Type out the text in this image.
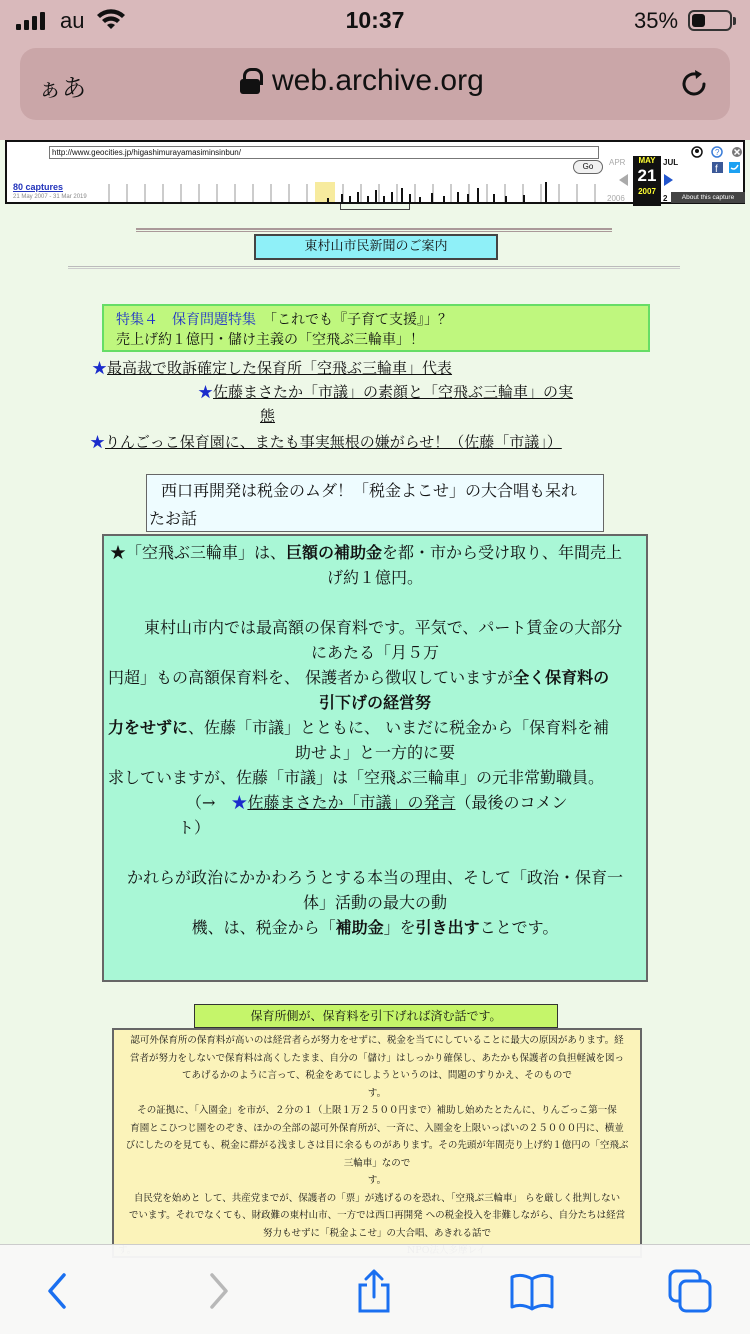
au	10:37	35%
ぁあ	web.archive.org
http://www.geocities.jp/higashimurayamasiminsinbun/
Go
80 captures
21 May 2007 - 31 Mar 2019
APR	MAY
21
2007
JUL
2006	2
?
f
About this capture
東村山市民新聞のご案内
特集４　保育問題特集　 「これでも『子育て支援』」？
売上げ約１億円・儲け主義の「空飛ぶ三輪車」！
★最高裁で敗訴確定した保育所「空飛ぶ三輪車」代表
★佐藤まさたか「市議」の素顔と「空飛ぶ三輪車」の実
態
★りんごっこ保育園に、またも事実無根の嫌がらせ！（佐藤「市議」）
西口再開発は税金のムダ！「税金よこせ」の大合唱も呆れ
たお話

★「空飛ぶ三輪車」は、巨額の補助金を都・市から受け取り、年間売上

げ約１億円。

東村山市内では最高額の保育料です。平気で、パート賃金の大部分

にあたる「月５万

円超」もの高額保育料を、 保護者から徴収していますが全く保育料の

引下げの経営努

力をせずに、佐藤「市議」とともに、 いまだに税金から「保育料を補

助せよ」と一方的に要

求していますが、佐藤「市議」は「空飛ぶ三輪車」の元非常勤職員。

（→　★佐藤まさたか「市議」の発言（最後のコメン

ト）

かれらが政治にかかわろうとする本当の理由、そして「政治・保育一

体」活動の最大の動

機、は、税金から「補助金」を引き出すことです。

保育所側が、保育料を引下げれば済む話です。
認可外保育所の保育料が高いのは経営者らが努力をせずに、税金を当てにしていることに最大の原因があります。経
営者が努力をしないで保育料は高くしたまま、自分の「儲け」はしっかり確保し、あたかも保護者の負担軽減を図っ
てあげるかのように言って、税金をあてにしようというのは、問題のすりかえ、そのもので
す。
その証拠に、「入園金」を市が、２分の１（上限１万２５００円まで）補助し始めたとたんに、りんごっこ第一保
育園とこひつじ園をのぞき、ほかの全部の認可外保育所が、一斉に、入園金を上限いっぱいの２５０００円に、横並
びにしたのを見ても、税金に群がる浅ましさは目に余るものがあります。その先頭が年間売り上げ約１億円の「空飛ぶ
三輪車」なので
す。
自民党を始めと して、共産党までが、保護者の「票」が逃げるのを恐れ、「空飛ぶ三輪車」 らを厳しく批判しない
でいます。それでなくても、財政難の東村山市、一方では西口再開発 への税金投入を非難しながら、自分たちは経営
努力もせずに「税金よこせ」の大合唱、あきれる話で
